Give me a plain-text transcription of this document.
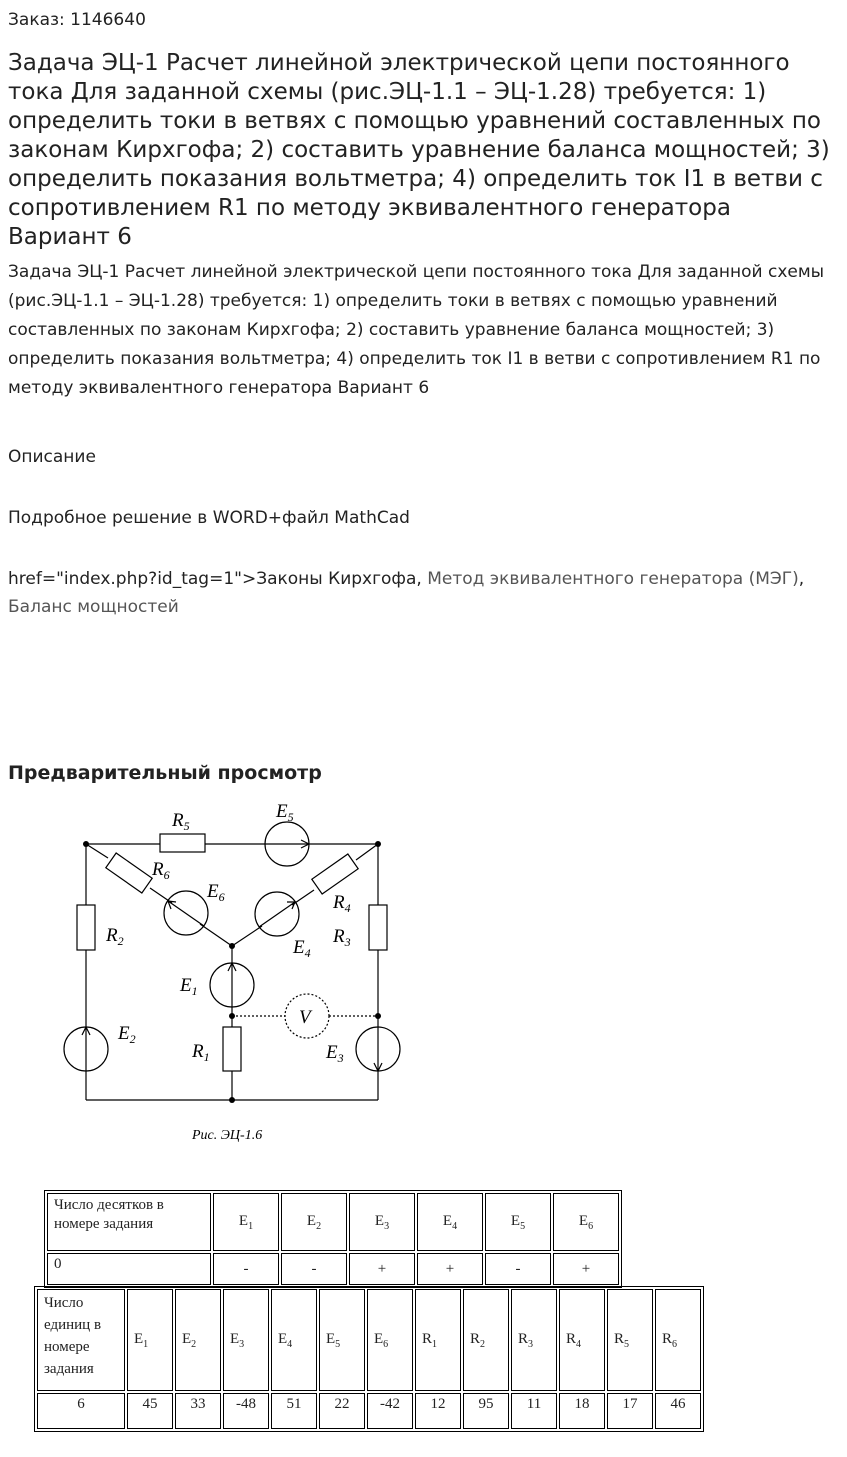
Заказ: 1146640
Задача ЭЦ-1 Расчет линейной электрической цепи постоянного тока Для заданной схемы (рис.ЭЦ-1.1 – ЭЦ-1.28) требуется: 1) определить токи в ветвях с помощью уравнений составленных по законам Кирхгофа; 2) составить уравнение баланса мощностей; 3) определить показания вольтметра; 4) определить ток I1 в ветви с сопротивлением R1 по методу эквивалентного генератора Вариант 6
Задача ЭЦ-1 Расчет линейной электрической цепи постоянного тока Для заданной схемы (рис.ЭЦ-1.1 – ЭЦ-1.28) требуется: 1) определить токи в ветвях с помощью уравнений составленных по законам Кирхгофа; 2) составить уравнение баланса мощностей; 3) определить показания вольтметра; 4) определить ток I1 в ветви с сопротивлением R1 по методу эквивалентного генератора Вариант 6
Описание
Подробное решение в WORD+файл MathCad
href="index.php?id_tag=1">Законы Кирхгофа, Метод эквивалентного генератора (МЭГ), Баланс мощностей
Предварительный просмотр
$R_5$
$E_5$
$R_6$
$E_6$	$R_4$
$R_2$	$R_3$
$E_4$
$E_1$
$E_2$
$R_1$	$E_3$
V
Рис. ЭЦ-1.6
Число десятков в номере задания	$E_1$	$E_2$	$E_3$	$E_4$	$E_5$	$E_6$
0	-	-	+	+	-	+
Число единиц в номере задания	$E_1$	$E_2$	$E_3$	$E_4$	$E_5$	$E_6$	$R_1$	$R_2$	$R_3$	$R_4$	$R_5$	$R_6$
6	45	33	-48	51	22	-42	12	95	11	18	17	46
